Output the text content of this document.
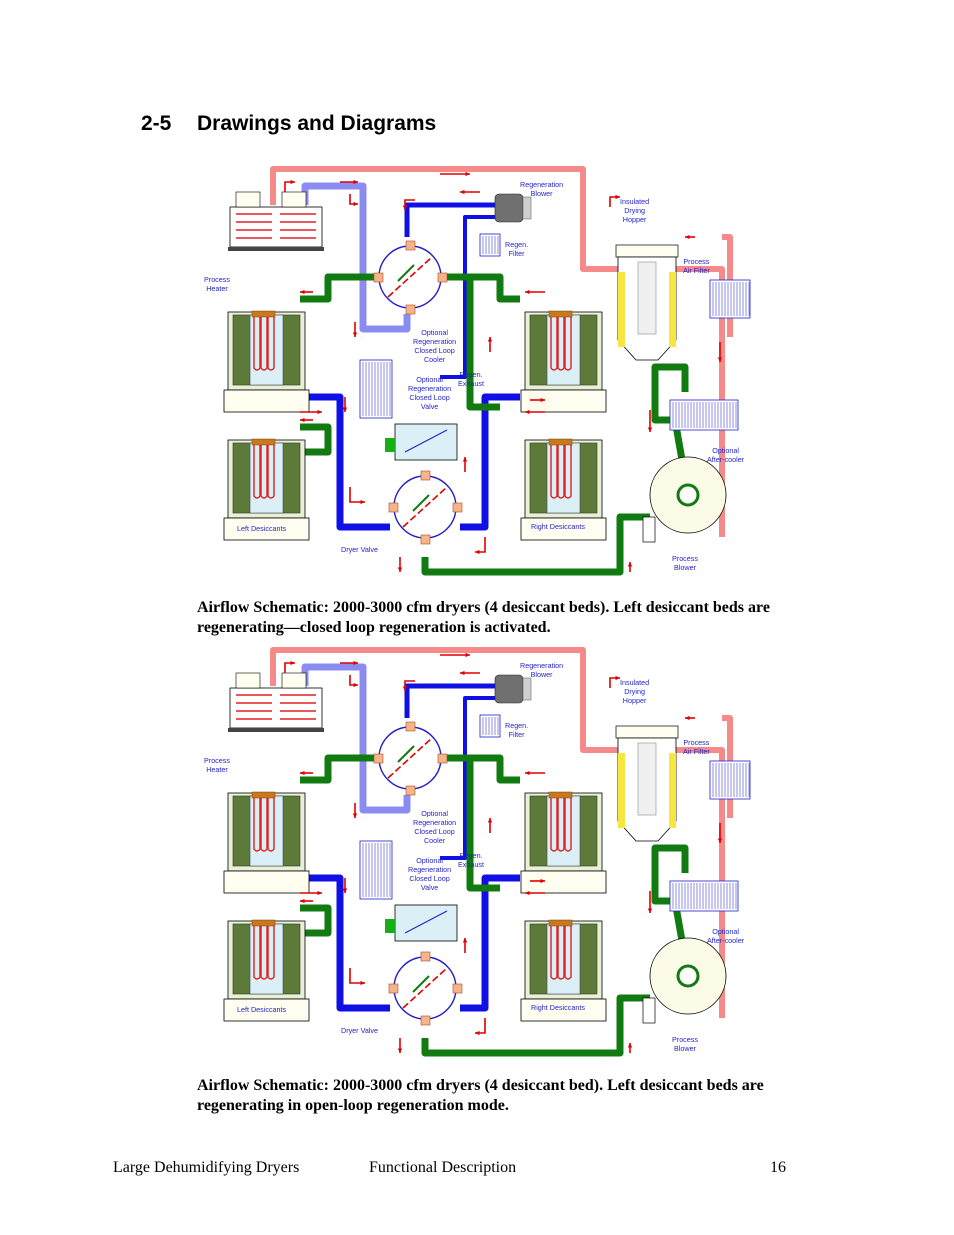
2-5 Drawings and Diagrams
Regeneration
Blower
Insulated
Drying
Hopper
Regen.
Filter
Process
Air Filter
Process
Heater
Optional
Regeneration
Closed Loop
Cooler
Optional
Regeneration
Closed Loop
Valve
Regen.
Exhaust
Optional
After-cooler
Left Desiccants	Right Desiccants
Dryer Valve
Process
Blower
Airflow Schematic: 2000-3000 cfm dryers (4 desiccant beds). Left desiccant beds are regenerating—closed loop regeneration is activated.
Regeneration
Blower
Insulated
Drying
Hopper
Regen.
Filter
Process
Air Filter
Process
Heater
Optional
Regeneration
Closed Loop
Cooler
Optional
Regeneration
Closed Loop
Valve
Regen.
Exhaust
Optional
After-cooler
Left Desiccants	Right Desiccants
Dryer Valve
Process
Blower
Airflow Schematic: 2000-3000 cfm dryers (4 desiccant bed). Left desiccant beds are regenerating in open-loop regeneration mode.
Large Dehumidifying Dryers	Functional Description	16
